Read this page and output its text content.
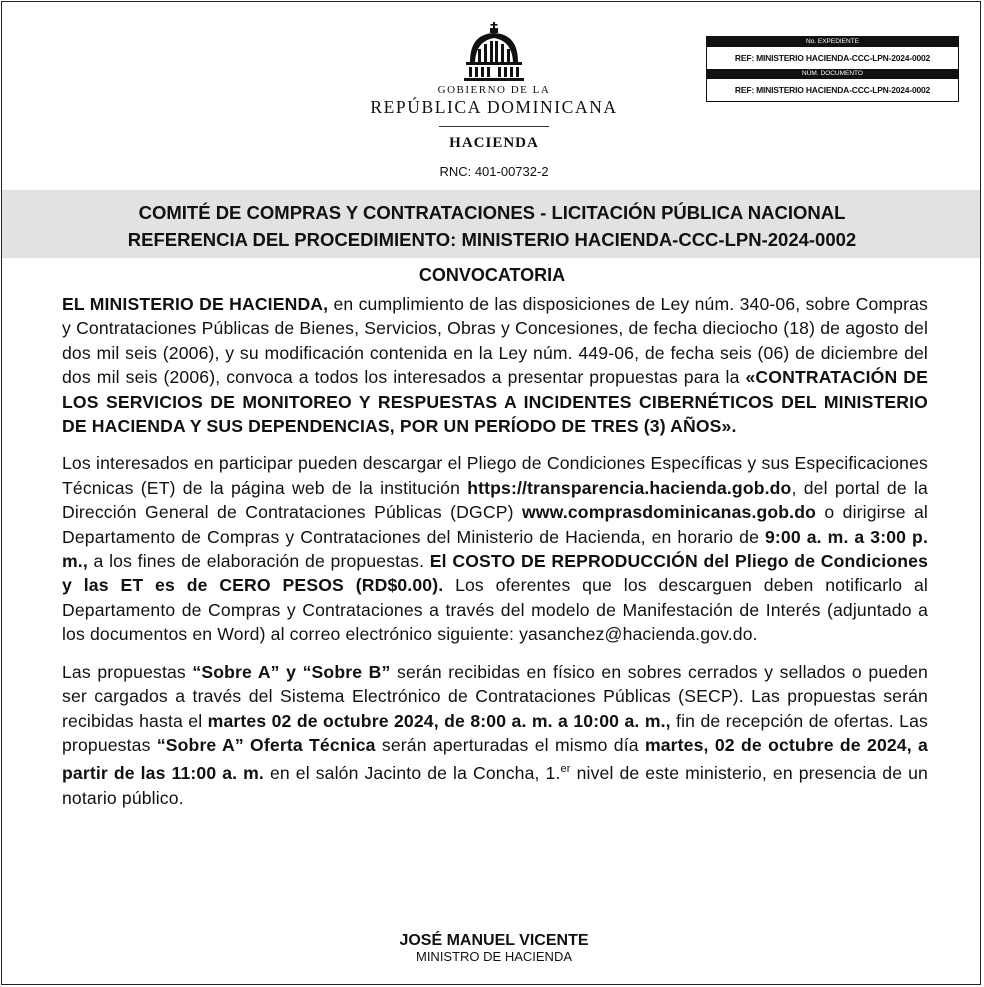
GOBIERNO DE LA
REPÚBLICA DOMINICANA
HACIENDA
RNC: 401-00732-2
No. EXPEDIENTE
REF: MINISTERIO HACIENDA-CCC-LPN-2024-0002
NÚM. DOCUMENTO
REF: MINISTERIO HACIENDA-CCC-LPN-2024-0002
COMITÉ DE COMPRAS Y CONTRATACIONES - LICITACIÓN PÚBLICA NACIONAL
REFERENCIA DEL PROCEDIMIENTO: MINISTERIO HACIENDA-CCC-LPN-2024-0002
CONVOCATORIA

EL MINISTERIO DE HACIENDA, en cumplimiento de las disposiciones de Ley núm. 340-06, sobre Compras y Contrataciones Públicas de Bienes, Servicios, Obras y Concesiones, de fecha dieciocho (18) de agosto del dos mil seis (2006), y su modificación contenida en la Ley núm. 449-06, de fecha seis (06) de diciembre del dos mil seis (2006), convoca a todos los interesados a presentar propuestas para la «CONTRATACIÓN DE LOS SERVICIOS DE MONITOREO Y RESPUESTAS A INCIDENTES CIBERNÉTICOS DEL MINISTERIO DE HACIENDA Y SUS DEPENDENCIAS, POR UN PERÍODO DE TRES (3) AÑOS».

Los interesados en participar pueden descargar el Pliego de Condiciones Específicas y sus Especificaciones Técnicas (ET) de la página web de la institución https://transparencia.hacienda.gob.do, del portal de la Dirección General de Contrataciones Públicas (DGCP) www.comprasdominicanas.gob.do o dirigirse al Departamento de Compras y Contrataciones del Ministerio de Hacienda, en horario de 9:00 a. m. a 3:00 p. m., a los fines de elaboración de propuestas. El COSTO DE REPRODUCCIÓN del Pliego de Condiciones y las ET es de CERO PESOS (RD$0.00). Los oferentes que los descarguen deben notificarlo al Departamento de Compras y Contrataciones a través del modelo de Manifestación de Interés (adjuntado a los documentos en Word) al correo electrónico siguiente: yasanchez@hacienda.gov.do.

Las propuestas “Sobre A” y “Sobre B” serán recibidas en físico en sobres cerrados y sellados o pueden ser cargados a través del Sistema Electrónico de Contrataciones Públicas (SECP). Las propuestas serán recibidas hasta el martes 02 de octubre 2024, de 8:00 a. m. a 10:00 a. m., fin de recepción de ofertas. Las propuestas “Sobre A” Oferta Técnica serán aperturadas el mismo día martes, 02 de octubre de 2024, a partir de las 11:00 a. m. en el salón Jacinto de la Concha, 1.$^{er}$ nivel de este ministerio, en presencia de un notario público.

JOSÉ MANUEL VICENTE
MINISTRO DE HACIENDA
